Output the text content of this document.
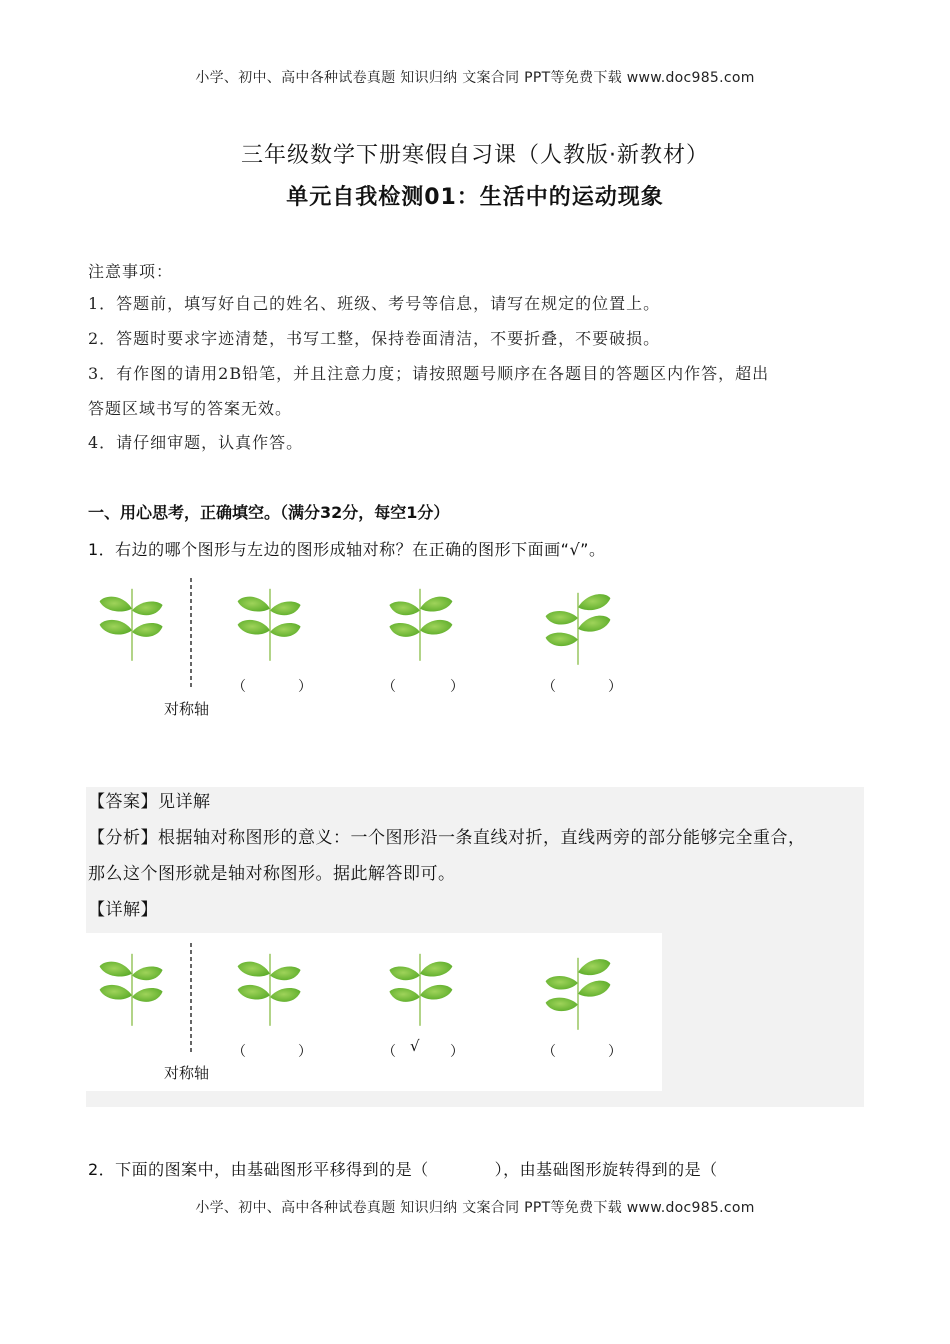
小学、初中、高中各种试卷真题 知识归纳 文案合同 PPT等免费下载 www.doc985.com
三年级数学下册寒假自习课（人教版·新教材）
单元自我检测01：生活中的运动现象
注意事项：
1．答题前，填写好自己的姓名、班级、考号等信息，请写在规定的位置上。
2．答题时要求字迹清楚，书写工整，保持卷面清洁，不要折叠，不要破损。
3．有作图的请用2B铅笔，并且注意力度；请按照题号顺序在各题目的答题区内作答，超出
答题区域书写的答案无效。
4．请仔细审题，认真作答。
一、用心思考，正确填空。（满分32分，每空1分）
1．右边的哪个图形与左边的图形成轴对称？在正确的图形下面画“√”。
对称轴
（	）	（	）	（	）
【答案】见详解
【分析】根据轴对称图形的意义：一个图形沿一条直线对折，直线两旁的部分能够完全重合，
那么这个图形就是轴对称图形。据此解答即可。
【详解】
对称轴
（	）	（ √ ）	（	）
2．下面的图案中，由基础图形平移得到的是（　　　　），由基础图形旋转得到的是（
小学、初中、高中各种试卷真题 知识归纳 文案合同 PPT等免费下载 www.doc985.com
